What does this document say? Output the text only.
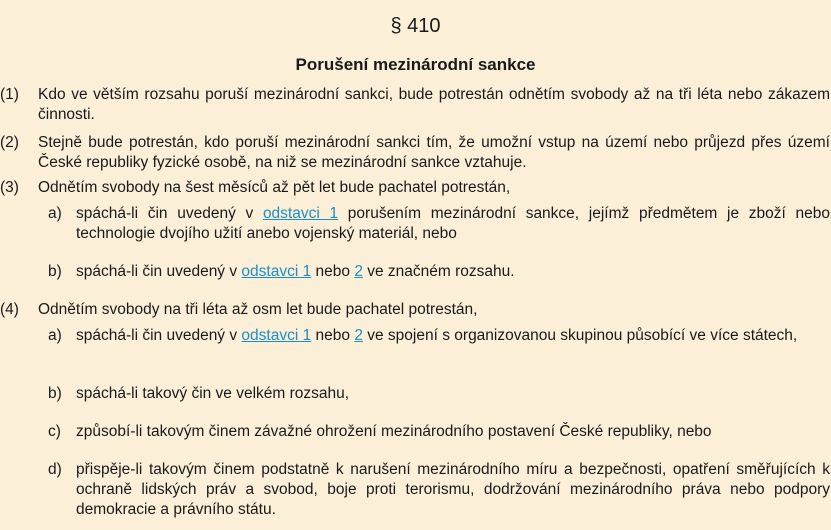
§ 410
Porušení mezinárodní sankce
(1)	Kdo ve větším rozsahu poruší mezinárodní sankci, bude potrestán odnětím svobody až na tři léta nebo zákazem činnosti.
(2)	Stejně bude potrestán, kdo poruší mezinárodní sankci tím, že umožní vstup na území nebo průjezd přes území České republiky fyzické osobě, na niž se mezinárodní sankce vztahuje.
(3)	Odnětím svobody na šest měsíců až pět let bude pachatel potrestán,
a) spáchá-li čin uvedený v odstavci 1 porušením mezinárodní sankce, jejímž předmětem je zboží nebo technologie dvojího užití anebo vojenský materiál, nebo
b) spáchá-li čin uvedený v odstavci 1 nebo 2 ve značném rozsahu.
(4)	Odnětím svobody na tři léta až osm let bude pachatel potrestán,
a) spáchá-li čin uvedený v odstavci 1 nebo 2 ve spojení s organizovanou skupinou působící ve více státech,
b) spáchá-li takový čin ve velkém rozsahu,
c) způsobí-li takovým činem závažné ohrožení mezinárodního postavení České republiky, nebo
d) přispěje-li takovým činem podstatně k narušení mezinárodního míru a bezpečnosti, opatření směřujících k ochraně lidských práv a svobod, boje proti terorismu, dodržování mezinárodního práva nebo podpory demokracie a právního státu.
